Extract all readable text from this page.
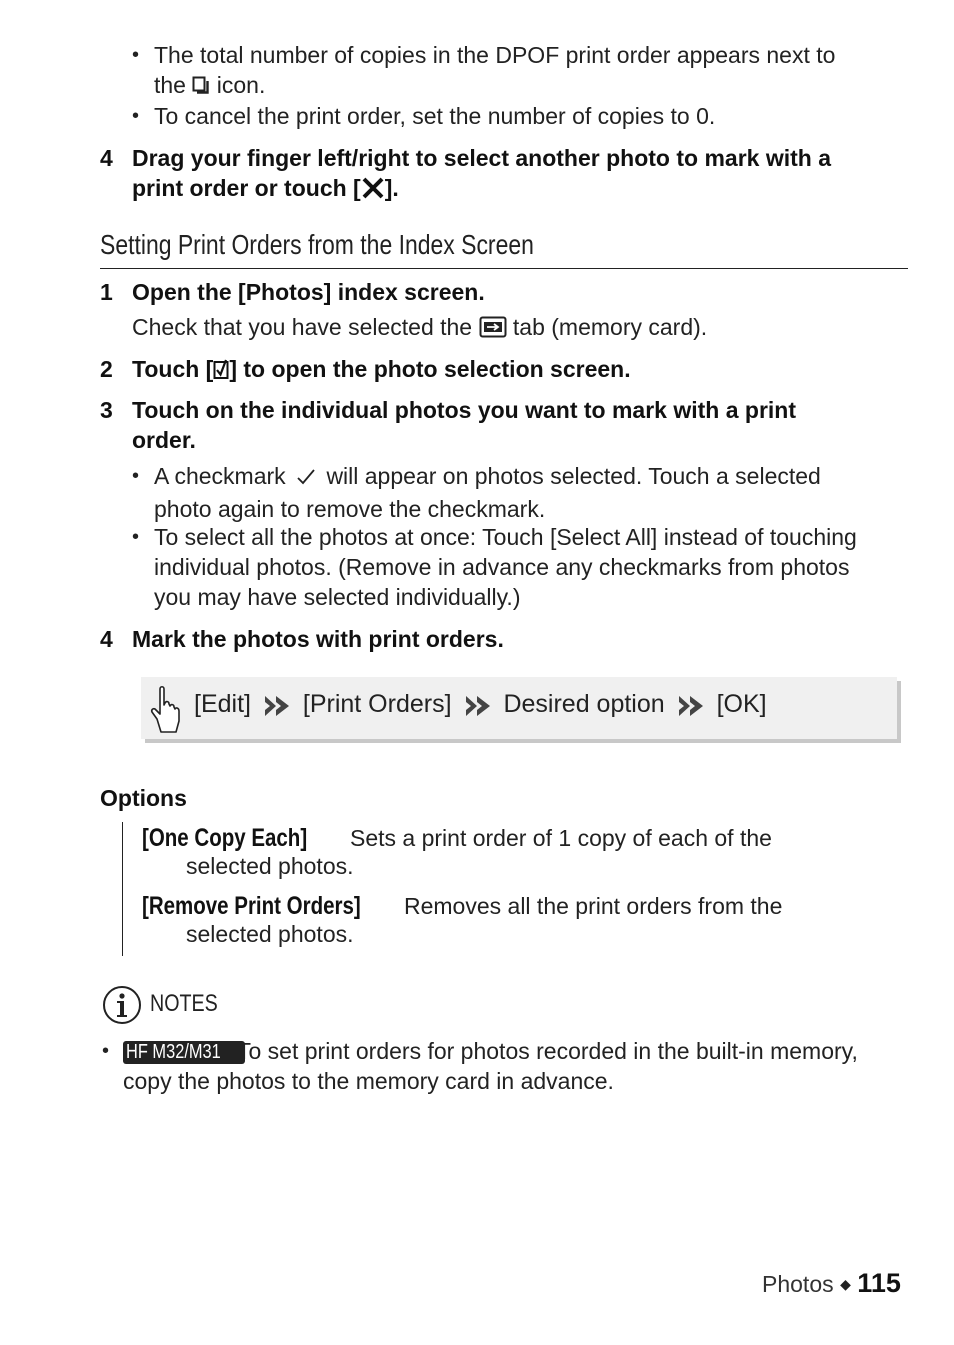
• The total number of copies in the DPOF print order appears next to
the icon.
• To cancel the print order, set the number of copies to 0.
4 Drag your finger left/right to select another photo to mark with a
print order or touch [ ].
Setting Print Orders from the Index Screen
1 Open the [Photos] index screen.
Check that you have selected the tab (memory card).
2 Touch [ ] to open the photo selection screen.
3 Touch on the individual photos you want to mark with a print
order.
• A checkmark will appear on photos selected. Touch a selected
photo again to remove the checkmark.
• To select all the photos at once: Touch [Select All] instead of touching
individual photos. (Remove in advance any checkmarks from photos
you may have selected individually.)
4 Mark the photos with print orders.
[Edit] [Print Orders] Desired option [OK]
Options
[One Copy Each] Sets a print order of 1 copy of each of the
selected photos.
[Remove Print Orders] Removes all the print orders from the
selected photos.
NOTES
• HF M32/M31 To set print orders for photos recorded in the built-in memory,
copy the photos to the memory card in advance.
Photos ◆ 115
